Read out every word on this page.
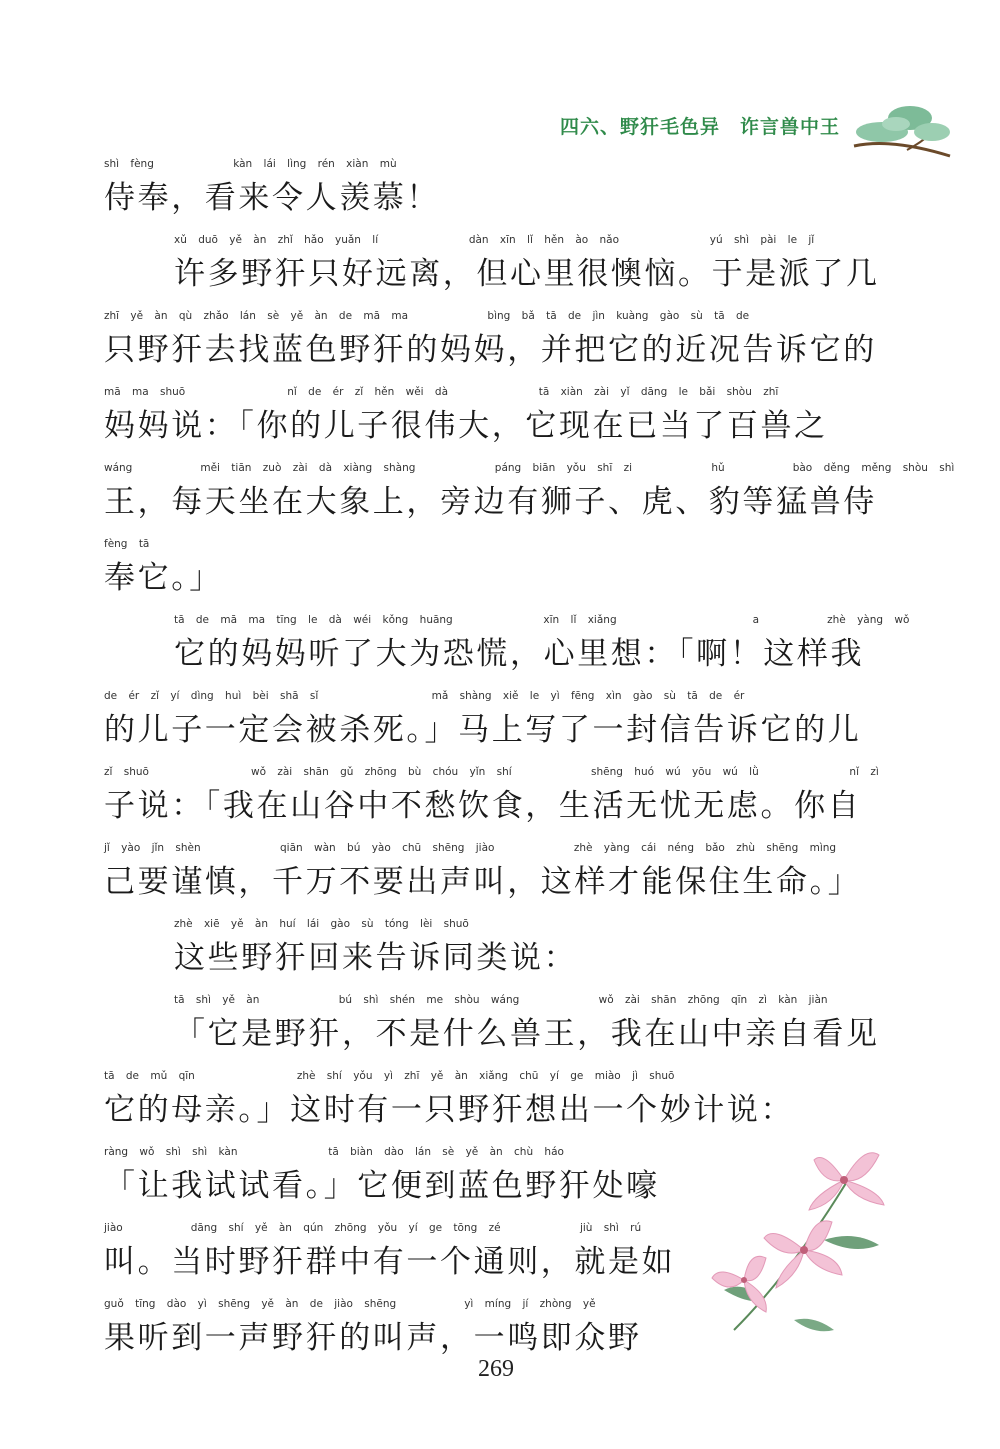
四六、野犴毛色异　诈言兽中王
shì fèng       kàn lái lìng rén xiàn mù
侍奉，看来令人羡慕！
xǔ duō yě àn zhǐ hǎo yuǎn lí        dàn xīn lǐ hěn ào nǎo        yú shì pài le jǐ
许多野犴只好远离，但心里很懊恼。于是派了几
zhī yě àn qù zhǎo lán sè yě àn de mā ma       bìng bǎ tā de jìn kuàng gào sù tā de
只野犴去找蓝色野犴的妈妈，并把它的近况告诉它的
mā ma shuō         nǐ de ér zǐ hěn wěi dà        tā xiàn zài yǐ dāng le bǎi shòu zhī
妈妈说：「你的儿子很伟大，它现在已当了百兽之
wáng      měi tiān zuò zài dà xiàng shàng       páng biān yǒu shī zi       hǔ      bào děng měng shòu shì
王，每天坐在大象上，旁边有狮子、虎、豹等猛兽侍
fèng tā
奉它。」
tā de mā ma tīng le dà wéi kǒng huāng        xīn lǐ xiǎng            a      zhè yàng wǒ
它的妈妈听了大为恐慌，心里想：「啊！这样我
de ér zǐ yí dìng huì bèi shā sǐ          mǎ shàng xiě le yì fēng xìn gào sù tā de ér
的儿子一定会被杀死。」马上写了一封信告诉它的儿
zǐ shuō         wǒ zài shān gǔ zhōng bù chóu yǐn shí       shēng huó wú yōu wú lǜ        nǐ zì
子说：「我在山谷中不愁饮食，生活无忧无虑。你自
jǐ yào jǐn shèn       qiān wàn bú yào chū shēng jiào       zhè yàng cái néng bǎo zhù shēng mìng
己要谨慎，千万不要出声叫，这样才能保住生命。」
zhè xiē yě àn huí lái gào sù tóng lèi shuō
这些野犴回来告诉同类说：
tā shì yě àn       bú shì shén me shòu wáng       wǒ zài shān zhōng qīn zì kàn jiàn
「它是野犴，不是什么兽王，我在山中亲自看见
tā de mǔ qīn         zhè shí yǒu yì zhī yě àn xiǎng chū yí ge miào jì shuō
它的母亲。」这时有一只野犴想出一个妙计说：
ràng wǒ shì shì kàn        tā biàn dào lán sè yě àn chù háo
「让我试试看。」它便到蓝色野犴处嚎
jiào      dāng shí yě àn qún zhōng yǒu yí ge tōng zé       jiù shì rú
叫。当时野犴群中有一个通则，就是如
guǒ tīng dào yì shēng yě àn de jiào shēng      yì míng jí zhòng yě
果听到一声野犴的叫声，一鸣即众野
269
